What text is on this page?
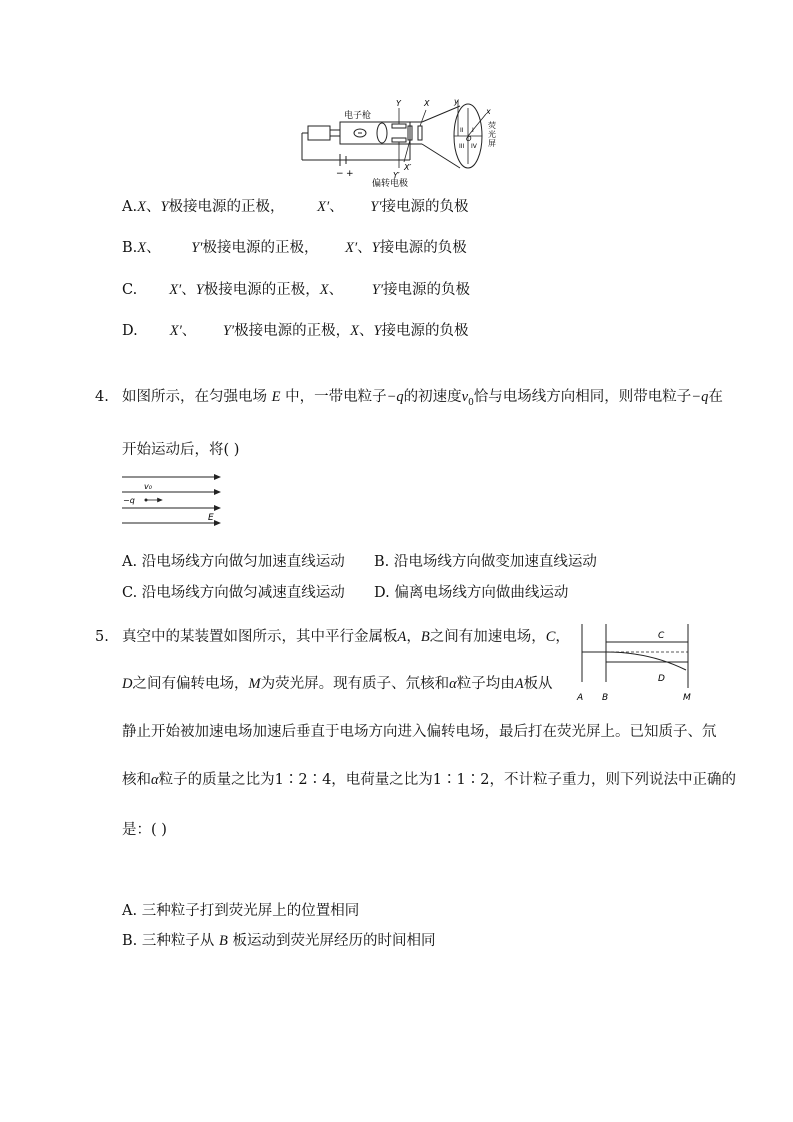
电子枪
偏转电极
Y
Y′
X
X′
y
x
− +
II I
III IV
O
荧光屏
A.X、Y极接电源的正极， X′、 Y′接电源的负极
B.X、 Y′极接电源的正极， X′、Y接电源的负极
C. X′、Y极接电源的正极，X、 Y′接电源的负极
D. X′、 Y′极接电源的正极，X、Y接电源的负极
4. 如图所示，在匀强电场 E 中，一带电粒子−q的初速度$v_0$恰与电场线方向相同，则带电粒子−q在
开始运动后，将( )
v₀
−q
E
A. 沿电场线方向做匀加速直线运动 B. 沿电场线方向做变加速直线运动
C. 沿电场线方向做匀减速直线运动 D. 偏离电场线方向做曲线运动
5. 真空中的某装置如图所示，其中平行金属板A，B之间有加速电场，C，
D之间有偏转电场，M为荧光屏。现有质子、氘核和α粒子均由A板从
静止开始被加速电场加速后垂直于电场方向进入偏转电场，最后打在荧光屏上。已知质子、氘
核和α粒子的质量之比为1∶2∶4，电荷量之比为1∶1∶2，不计粒子重力，则下列说法中正确的
是：( )
A B
C
D
M
A. 三种粒子打到荧光屏上的位置相同
B. 三种粒子从 B 板运动到荧光屏经历的时间相同
